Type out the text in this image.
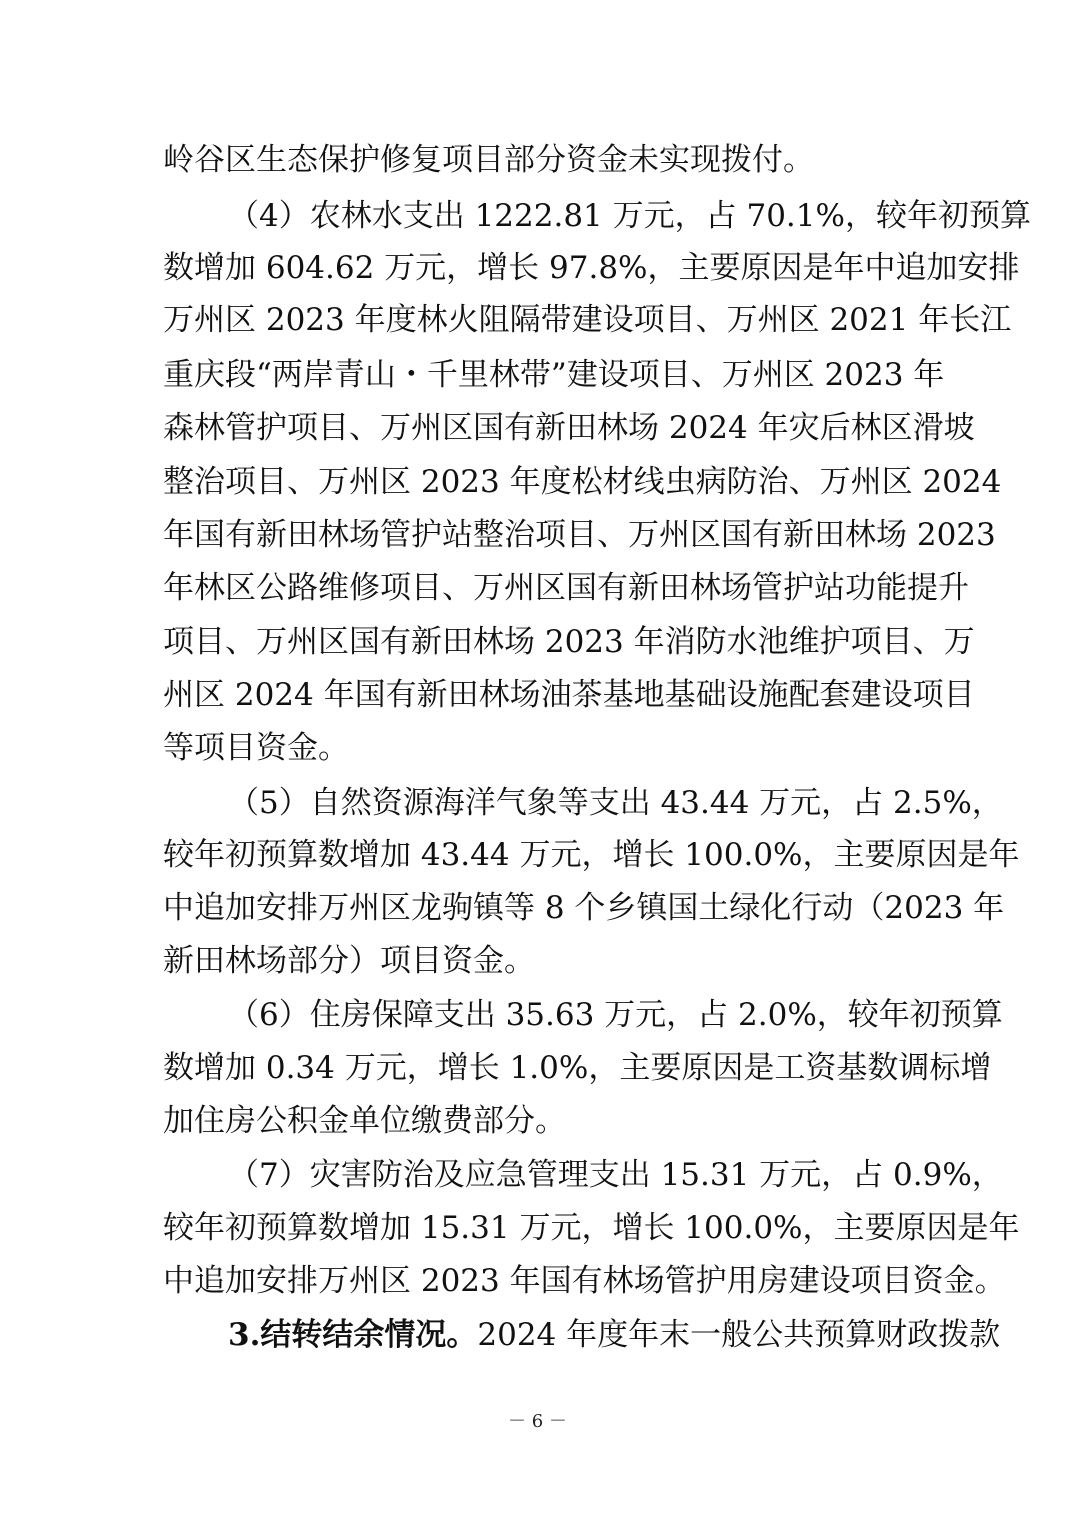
岭谷区生态保护修复项目部分资金未实现拨付。
（4）农林水支出 1222.81 万元，占 70.1%，较年初预算
数增加 604.62 万元，增长 97.8%，主要原因是年中追加安排
万州区 2023 年度林火阻隔带建设项目、万州区 2021 年长江
重庆段“两岸青山・千里林带”建设项目、万州区 2023 年
森林管护项目、万州区国有新田林场 2024 年灾后林区滑坡
整治项目、万州区 2023 年度松材线虫病防治、万州区 2024
年国有新田林场管护站整治项目、万州区国有新田林场 2023
年林区公路维修项目、万州区国有新田林场管护站功能提升
项目、万州区国有新田林场 2023 年消防水池维护项目、万
州区 2024 年国有新田林场油茶基地基础设施配套建设项目
等项目资金。
（5）自然资源海洋气象等支出 43.44 万元，占 2.5%，
较年初预算数增加 43.44 万元，增长 100.0%，主要原因是年
中追加安排万州区龙驹镇等 8 个乡镇国土绿化行动（2023 年
新田林场部分）项目资金。
（6）住房保障支出 35.63 万元，占 2.0%，较年初预算
数增加 0.34 万元，增长 1.0%，主要原因是工资基数调标增
加住房公积金单位缴费部分。
（7）灾害防治及应急管理支出 15.31 万元，占 0.9%，
较年初预算数增加 15.31 万元，增长 100.0%，主要原因是年
中追加安排万州区 2023 年国有林场管护用房建设项目资金。
3.结转结余情况。2024 年度年末一般公共预算财政拨款
－ 6 －
